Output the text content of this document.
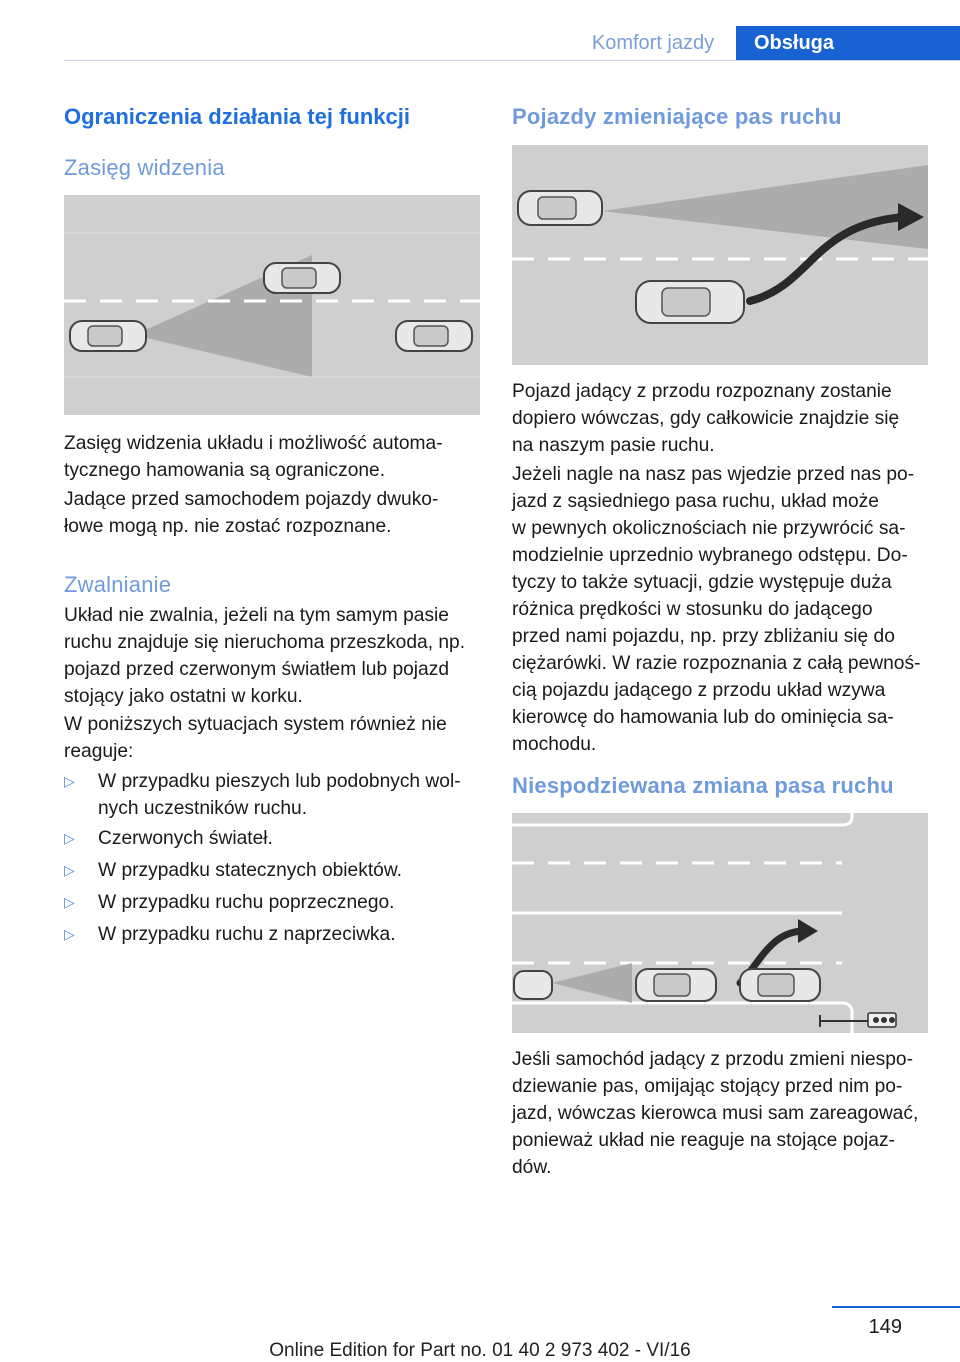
Komfort jazdy	Obsługa
Ograniczenia działania tej funkcji
Zasięg widzenia
Zasięg widzenia układu i możliwość automa-
tycznego hamowania są ograniczone.
Jadące przed samochodem pojazdy dwuko-
łowe mogą np. nie zostać rozpoznane.
Zwalnianie
Układ nie zwalnia, jeżeli na tym samym pasie
ruchu znajduje się nieruchoma przeszkoda, np.
pojazd przed czerwonym światłem lub pojazd
stojący jako ostatni w korku.
W poniższych sytuacjach system również nie
reaguje:
▷ W przypadku pieszych lub podobnych wol-
nych uczestników ruchu.
▷ Czerwonych świateł.
▷ W przypadku statecznych obiektów.
▷ W przypadku ruchu poprzecznego.
▷ W przypadku ruchu z naprzeciwka.
Pojazdy zmieniające pas ruchu
Pojazd jadący z przodu rozpoznany zostanie
dopiero wówczas, gdy całkowicie znajdzie się
na naszym pasie ruchu.
Jeżeli nagle na nasz pas wjedzie przed nas po-
jazd z sąsiedniego pasa ruchu, układ może
w pewnych okolicznościach nie przywrócić sa-
modzielnie uprzednio wybranego odstępu. Do-
tyczy to także sytuacji, gdzie występuje duża
różnica prędkości w stosunku do jadącego
przed nami pojazdu, np. przy zbliżaniu się do
ciężarówki. W razie rozpoznania z całą pewnoś-
cią pojazdu jadącego z przodu układ wzywa
kierowcę do hamowania lub do ominięcia sa-
mochodu.
Niespodziewana zmiana pasa ruchu
Jeśli samochód jadący z przodu zmieni niespo-
dziewanie pas, omijając stojący przed nim po-
jazd, wówczas kierowca musi sam zareagować,
ponieważ układ nie reaguje na stojące pojaz-
dów.
149
Online Edition for Part no. 01 40 2 973 402 - VI/16
